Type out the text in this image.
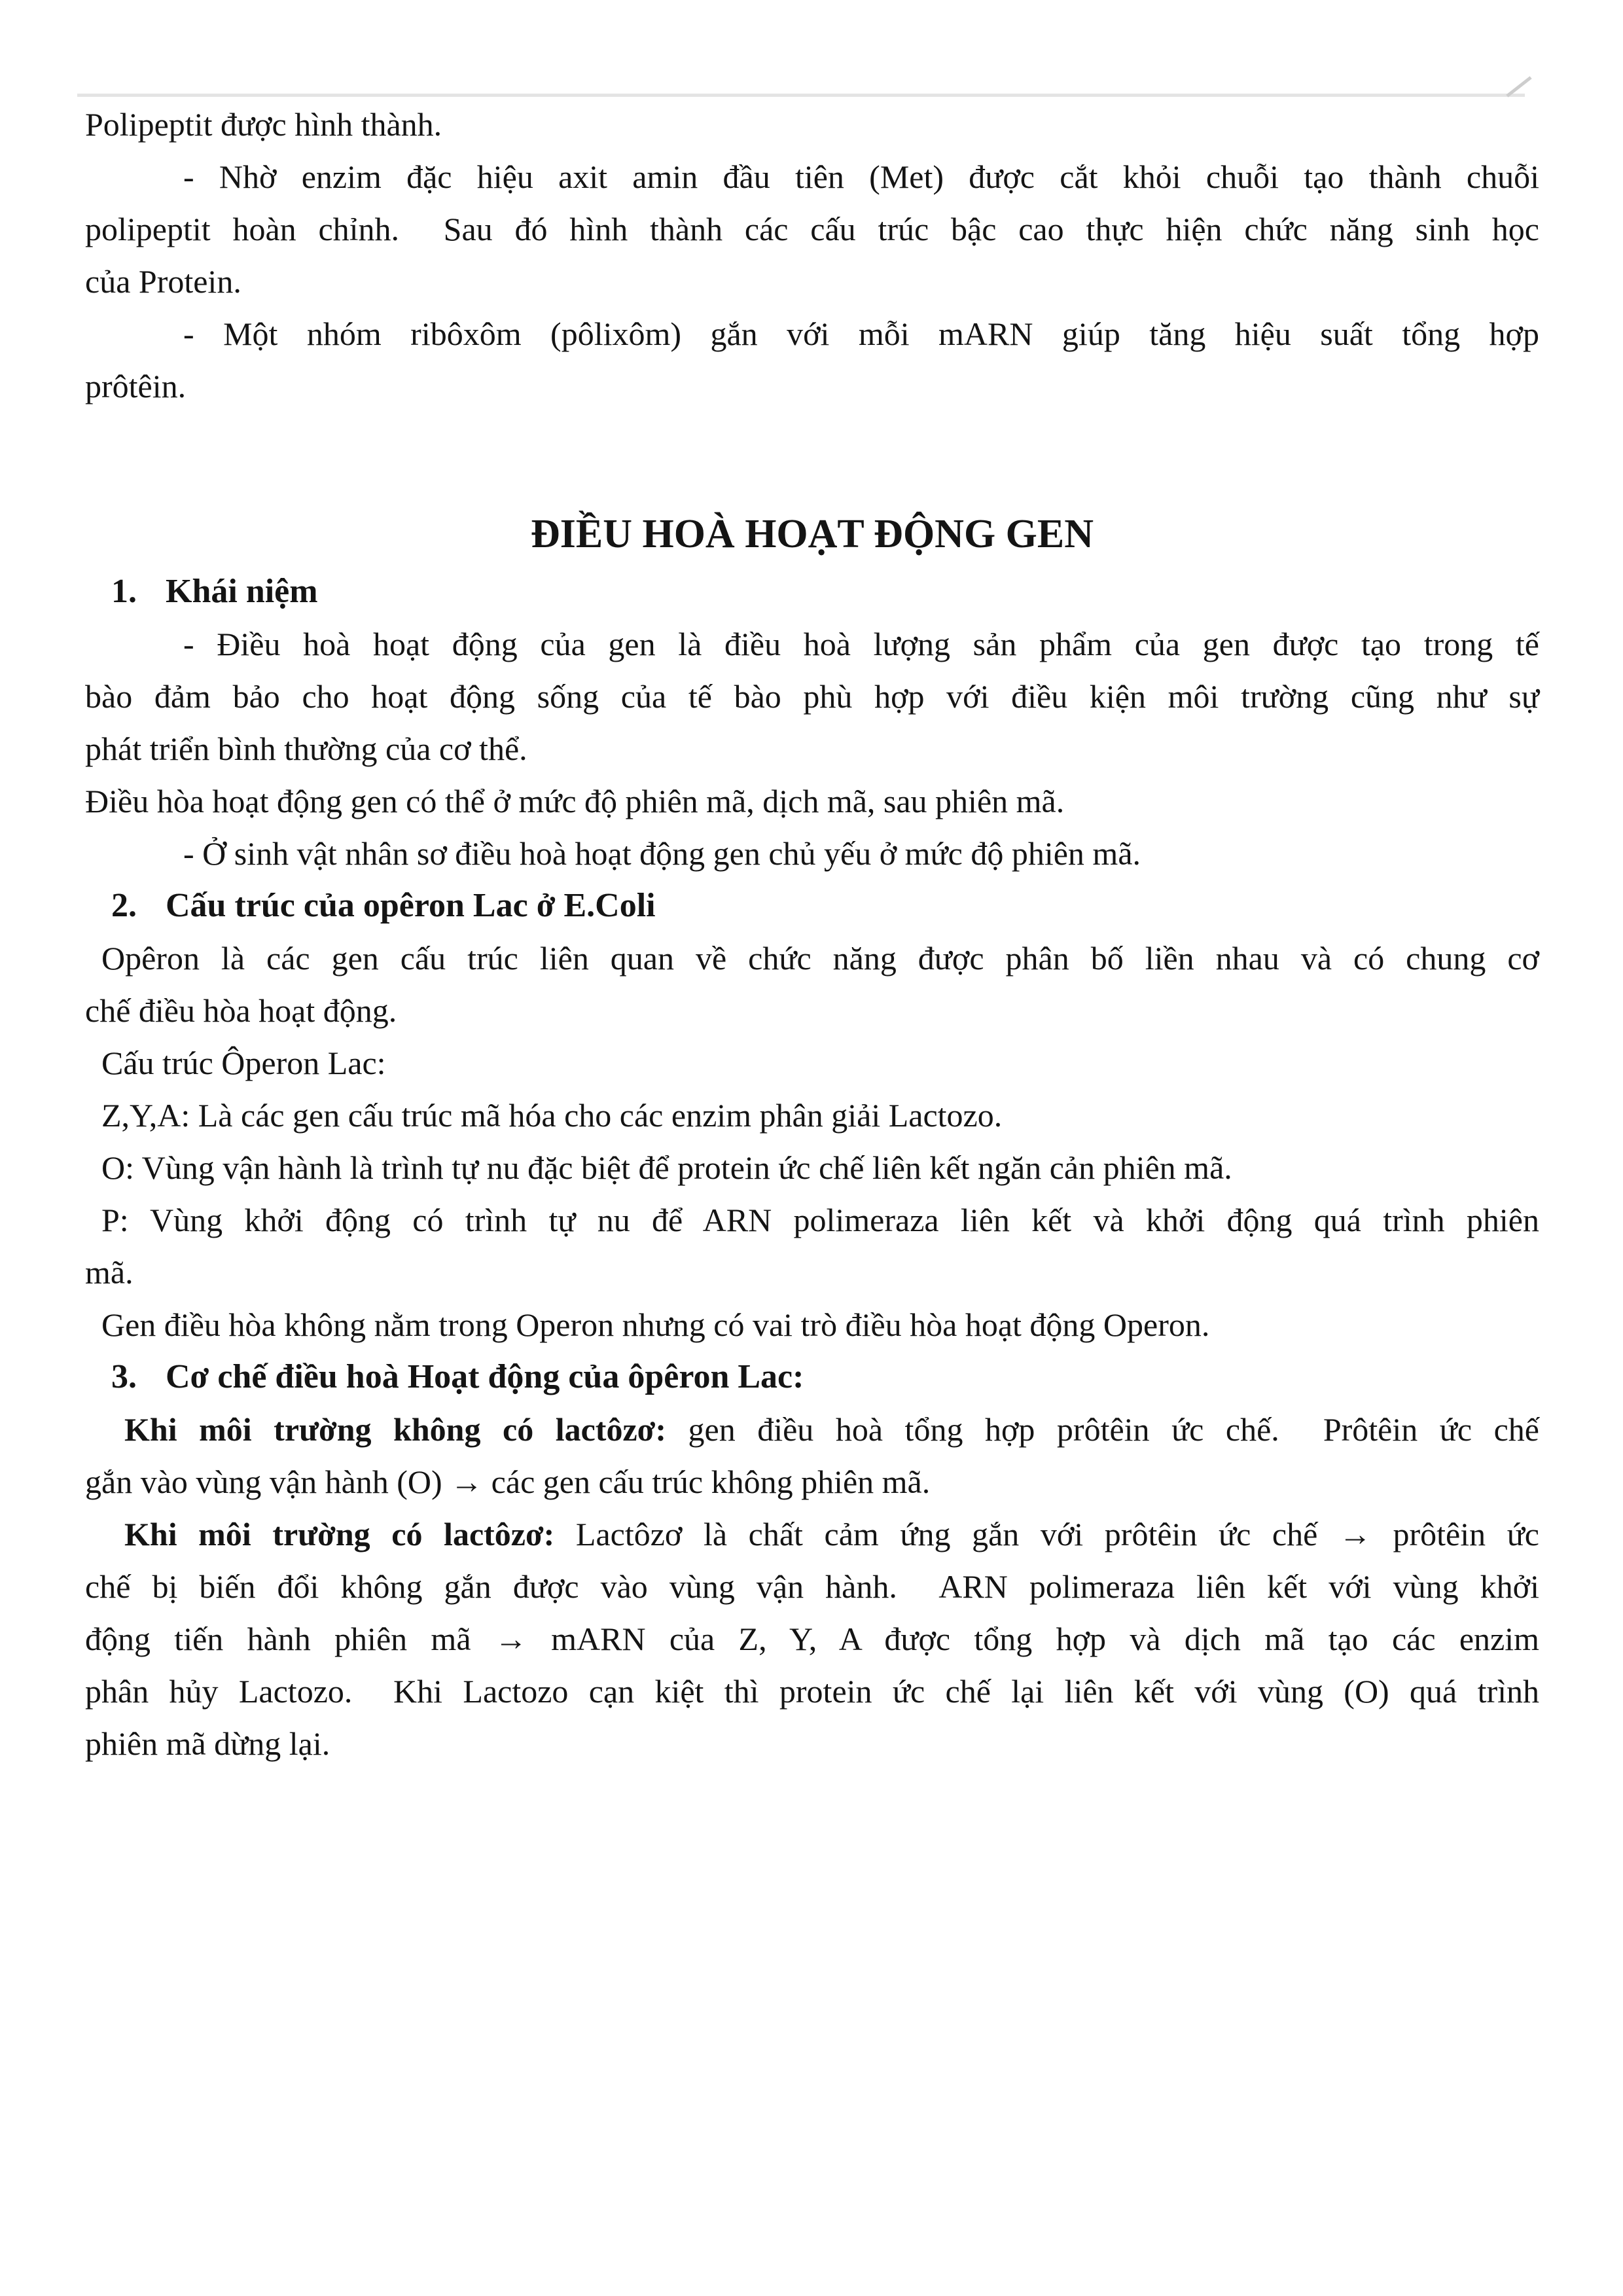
Polipeptit được hình thành.
- Nhờ enzim đặc hiệu axit amin đầu tiên (Met) được cắt khỏi chuỗi tạo thành chuỗi
polipeptit hoàn chỉnh.  Sau đó hình thành các cấu trúc bậc cao thực hiện chức năng sinh học
của Protein.
- Một nhóm ribôxôm (pôlixôm) gắn với mỗi mARN giúp tăng hiệu suất tổng hợp
prôtêin.
ĐIỀU HOÀ HOẠT ĐỘNG GEN
1. Khái niệm
- Điều hoà hoạt động của gen là điều hoà lượng sản phẩm của gen được tạo trong tế
bào đảm bảo cho hoạt động sống của tế bào phù hợp với điều kiện môi trường cũng như sự
phát triển bình thường của cơ thể.
Điều hòa hoạt động gen có thể ở mức độ phiên mã, dịch mã, sau phiên mã.
- Ở sinh vật nhân sơ điều hoà hoạt động gen chủ yếu ở mức độ phiên mã.
2. Cấu trúc của opêron Lac ở E.Coli
Opêron là các gen cấu trúc liên quan về chức năng được phân bố liền nhau và có chung cơ
chế điều hòa hoạt động.
Cấu trúc Ôperon Lac:
Z,Y,A: Là các gen cấu trúc mã hóa cho các enzim phân giải Lactozo.
O: Vùng vận hành là trình tự nu đặc biệt để protein ức chế liên kết ngăn cản phiên mã.
P: Vùng khởi động có trình tự nu để ARN polimeraza liên kết và khởi động quá trình phiên
mã.
Gen điều hòa không nằm trong Operon nhưng có vai trò điều hòa hoạt động Operon.
3. Cơ chế điều hoà Hoạt động của ôpêron Lac:
Khi môi trường không có lactôzơ: gen điều hoà tổng hợp prôtêin ức chế.  Prôtêin ức chế
gắn vào vùng vận hành (O) → các gen cấu trúc không phiên mã.
Khi môi trường có lactôzơ: Lactôzơ là chất cảm ứng gắn với prôtêin ức chế → prôtêin ức
chế bị biến đổi không gắn được vào vùng vận hành.  ARN polimeraza liên kết với vùng khởi
động tiến hành phiên mã → mARN của Z, Y, A được tổng hợp và dịch mã tạo các enzim
phân hủy Lactozo.  Khi Lactozo cạn kiệt thì protein ức chế lại liên kết với vùng (O) quá trình
phiên mã dừng lại.
